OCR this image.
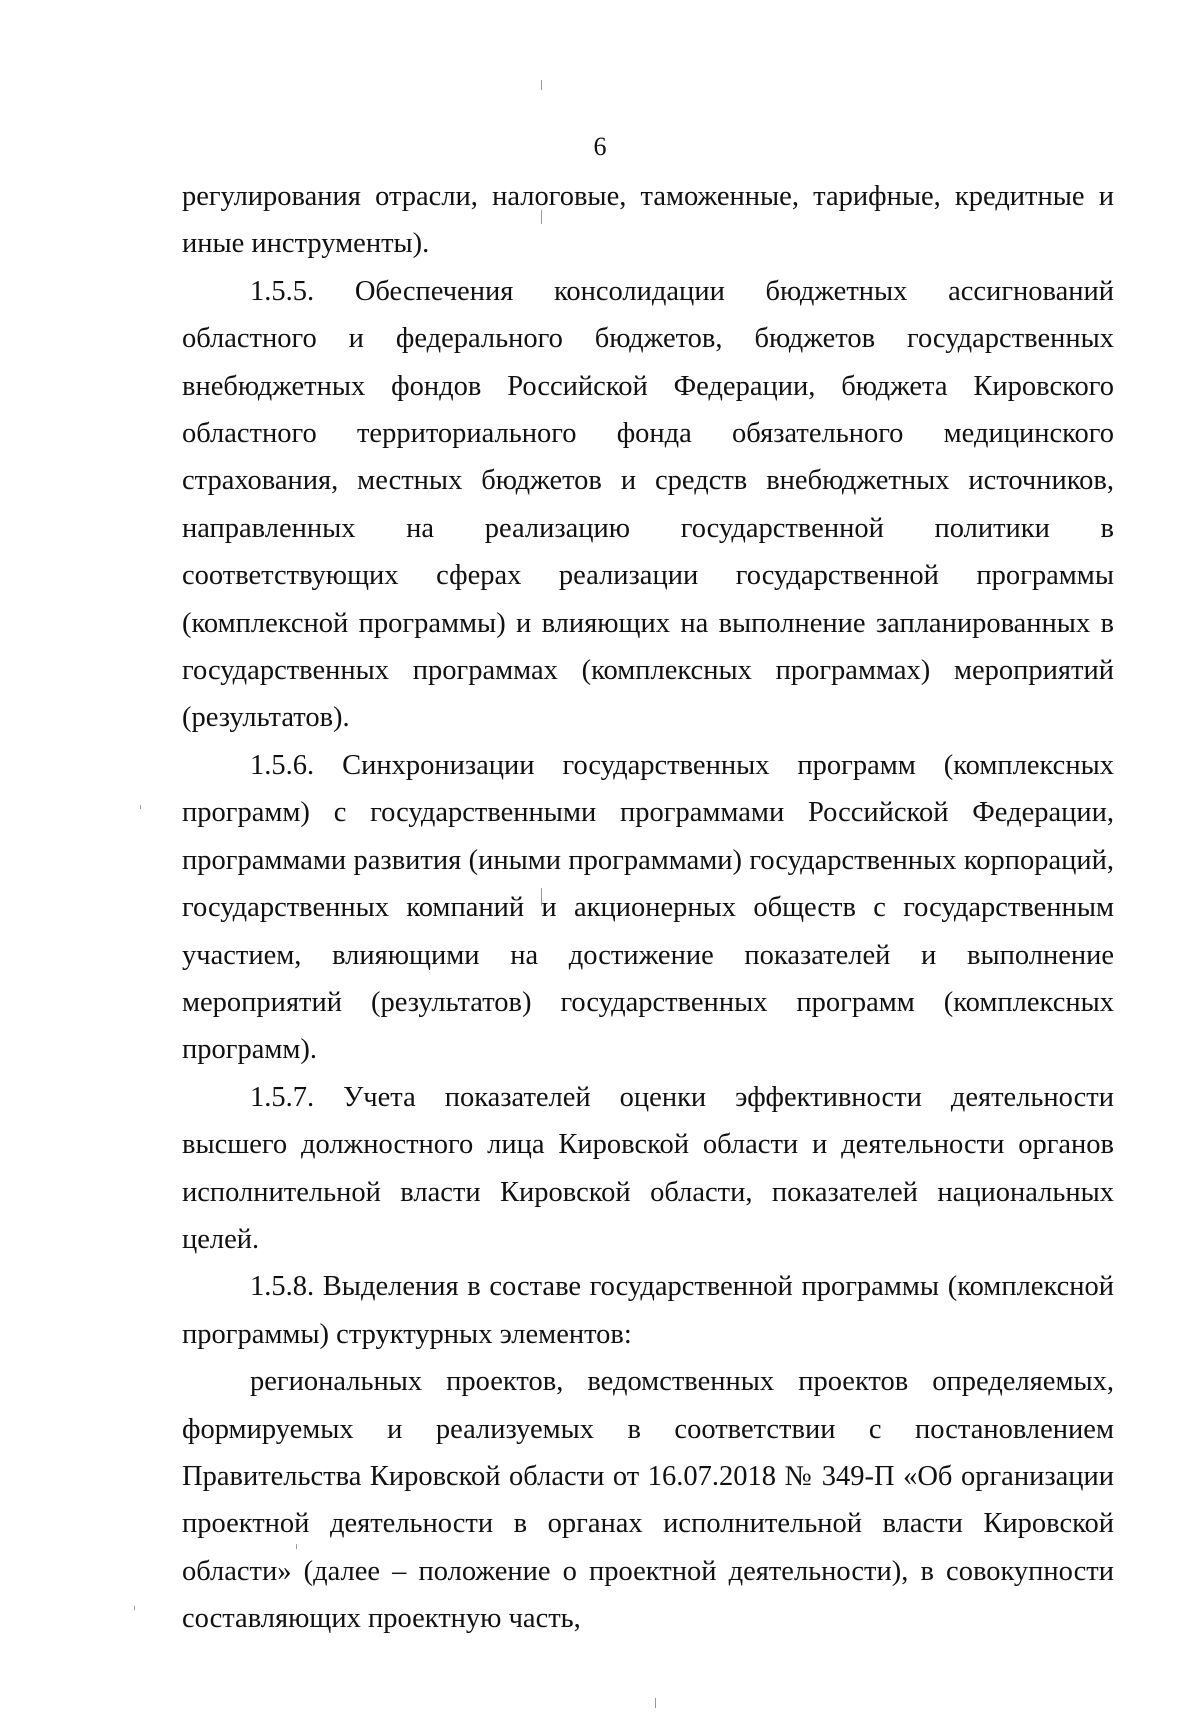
6

регулирования отрасли, налоговые, таможенные, тарифные, кредитные и иные инструменты).

1.5.5. Обеспечения консолидации бюджетных ассигнований областного и федерального бюджетов, бюджетов государственных внебюджетных фондов Российской Федерации, бюджета Кировского областного территориального фонда обязательного медицинского страхования, местных бюджетов и средств внебюджетных источников, направленных на реализацию государственной политики в соответствующих сферах реализации государственной программы (комплексной программы) и влияющих на выполнение запланированных в государственных программах (комплексных программах) мероприятий (результатов).

1.5.6. Синхронизации государственных программ (комплексных программ) с государственными программами Российской Федерации, программами развития (иными программами) государственных корпораций, государственных компаний и акционерных обществ с государственным участием, влияющими на достижение показателей и выполнение мероприятий (результатов) государственных программ (комплексных программ).

1.5.7. Учета показателей оценки эффективности деятельности высшего должностного лица Кировской области и деятельности органов исполнительной власти Кировской области, показателей национальных целей.

1.5.8. Выделения в составе государственной программы (комплексной программы) структурных элементов:

региональных проектов, ведомственных проектов определяемых, формируемых и реализуемых в соответствии с постановлением Правительства Кировской области от 16.07.2018 № 349-П «Об организации проектной деятельности в органах исполнительной власти Кировской области» (далее – положение о проектной деятельности), в совокупности составляющих проектную часть,
